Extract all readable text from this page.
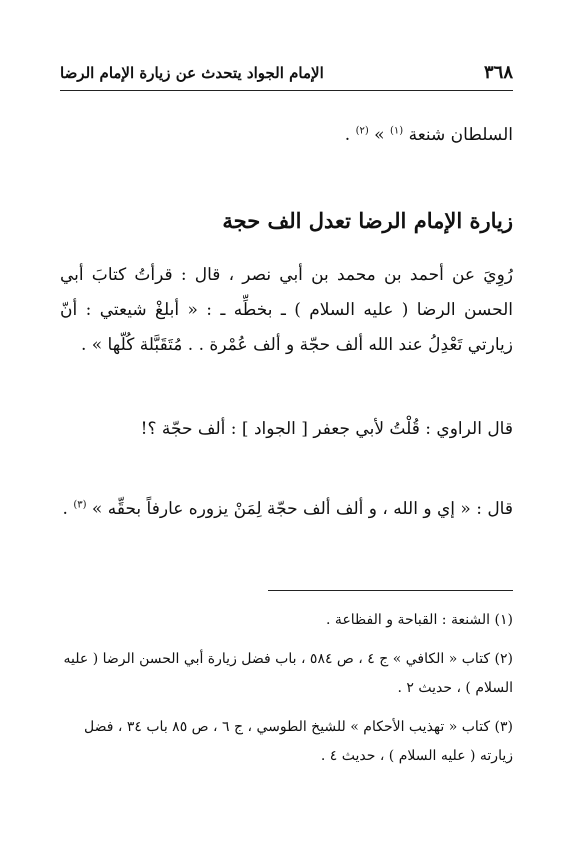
٣٦٨
الإمام الجواد يتحدث عن زيارة الإمام الرضا
السلطان شنعة $^{(١)}$ » $^{(٢)}$ .
زيارة الإمام الرضا تعدل الف حجة
رُوِيَ عن أحمد بن محمد بن أبي نصر ، قال : قرأتُ كتابَ أبي الحسن الرضا ( عليه السلام ) ـ بخطِّه ـ : « أبلغْ شيعتي : أنّ زيارتي تَعْدِلُ عند الله ألف حجّة و ألف عُمْرة . . مُتَقَبَّلة كُلّها » .
قال الراوي : قُلْتُ لأبي جعفر [ الجواد ] : ألف حجّة ؟!
قال : « إي و الله ، و ألف ألف حجّة لِمَنْ يزوره عارفاً بحقِّه » $^{(٣)}$ .

(١) الشنعة : القباحة و الفظاعة .

(٢) كتاب « الكافي » ج ٤ ، ص ٥٨٤ ، باب فضل زيارة أبي الحسن الرضا ( عليه السلام ) ، حديث ٢ .

(٣) كتاب « تهذيب الأحكام » للشيخ الطوسي ، ج ٦ ، ص ٨٥ باب ٣٤ ، فضل زيارته ( عليه السلام ) ، حديث ٤ .
